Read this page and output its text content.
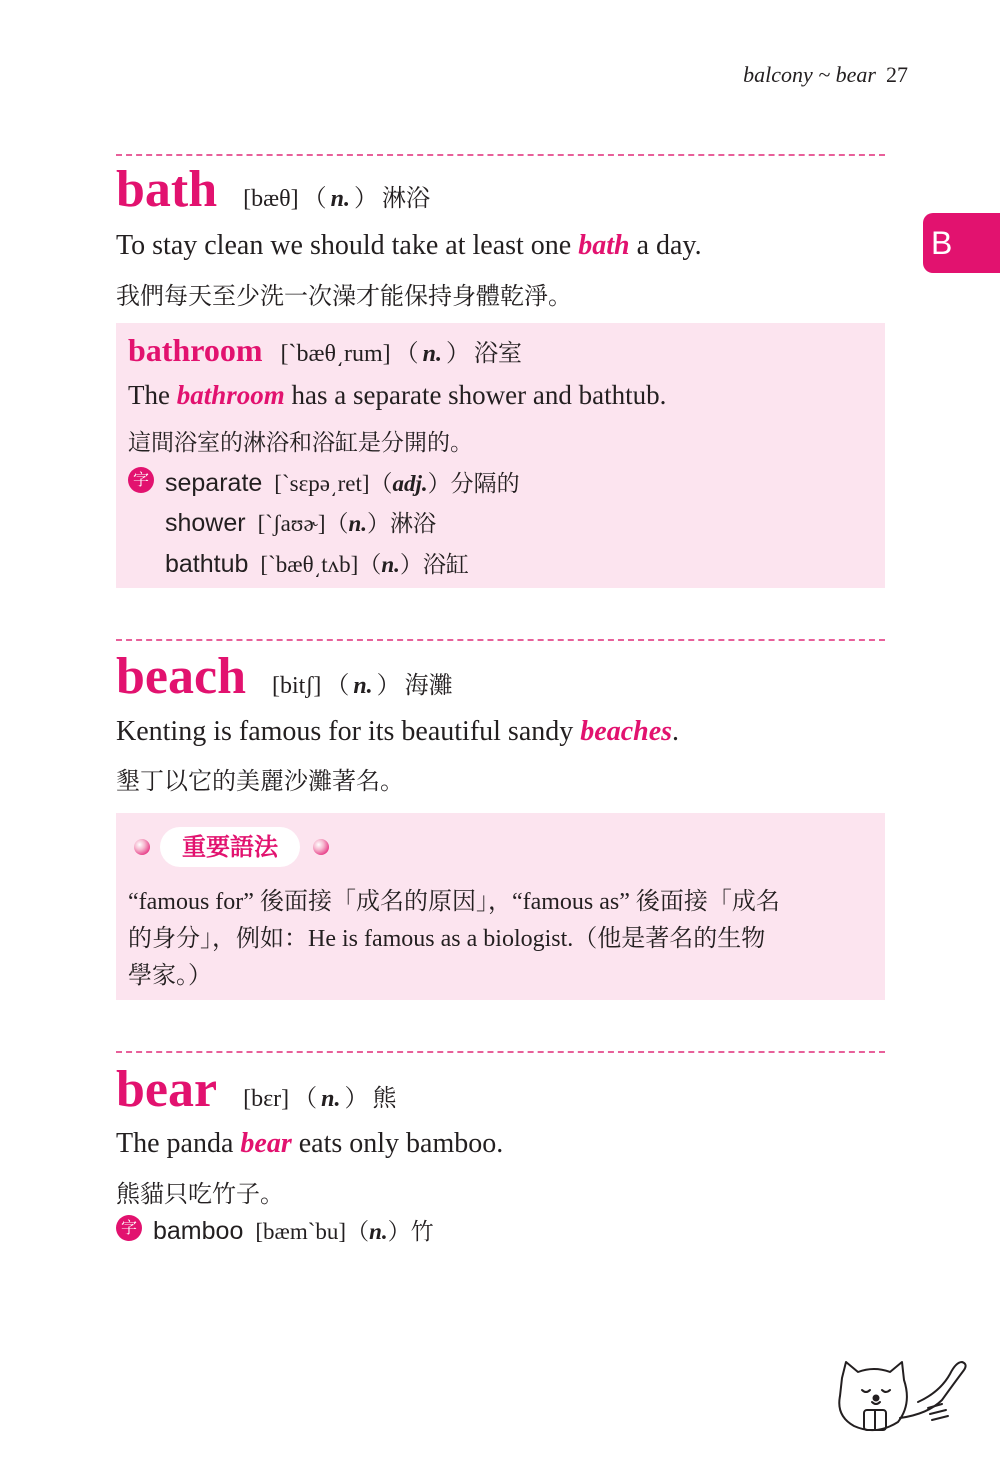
balcony ~ bear 27
B
bath [bæθ] （ n. ） 淋浴
To stay clean we should take at least one bath a day.
我們每天至少洗一次澡才能保持身體乾淨。
bathroom [`bæθ͵rum] （ n. ） 浴室
The bathroom has a separate shower and bathtub.
這間浴室的淋浴和浴缸是分開的。
字 separate [`sɛpə͵ret]（adj.）分隔的
shower [`ʃaʊɚ]（n.）淋浴
bathtub [`bæθ͵tʌb]（n.）浴缸
beach [bitʃ] （ n. ） 海灘
Kenting is famous for its beautiful sandy beaches.
墾丁以它的美麗沙灘著名。
重要語法
“famous for” 後面接「成名的原因」，“famous as” 後面接「成名
的身分」，例如：He is famous as a biologist.（他是著名的生物
學家。）
bear [bɛr] （ n. ） 熊
The panda bear eats only bamboo.
熊貓只吃竹子。
字 bamboo [bæm`bu]（n.）竹
